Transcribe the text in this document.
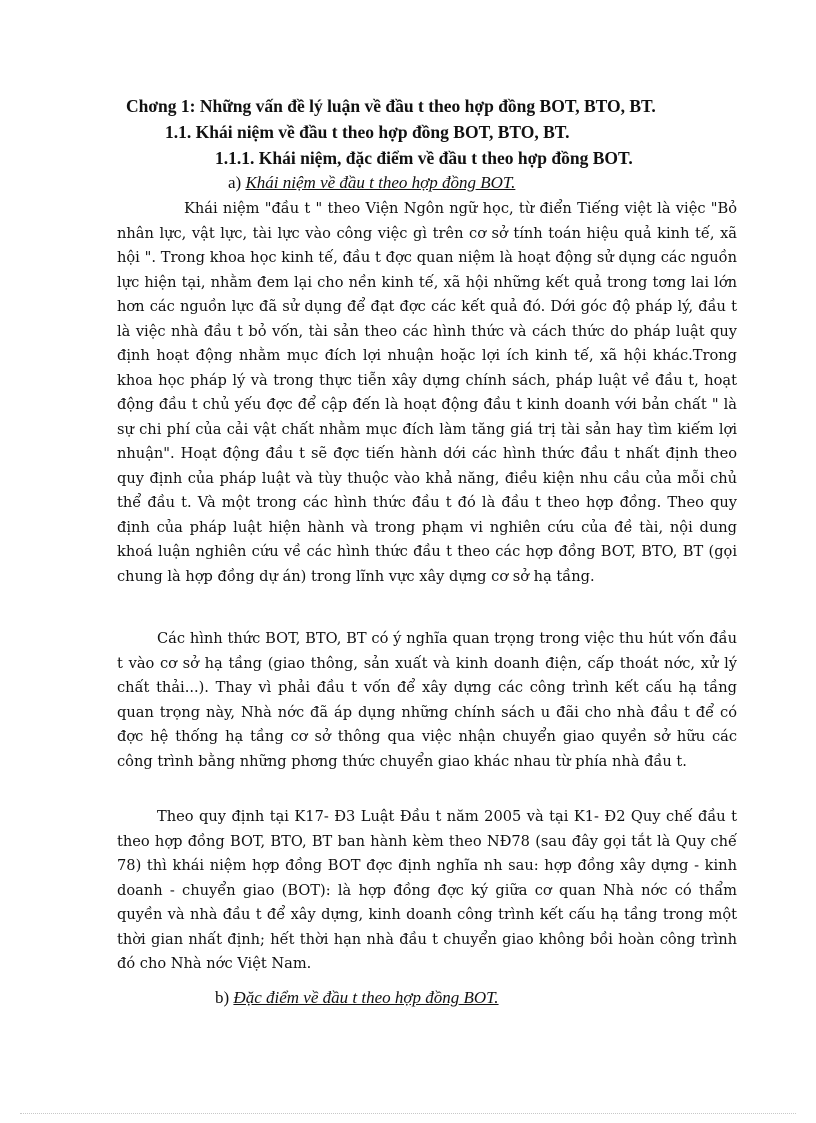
Chơng 1: Những vấn đề lý luận về đầu t theo hợp đồng BOT, BTO, BT.
1.1. Khái niệm về đầu t theo hợp đồng BOT, BTO, BT.
1.1.1. Khái niệm, đặc điểm về đầu t theo hợp đồng BOT.
a) Khái niệm về đầu t theo hợp đồng BOT.

Khái niệm "đầu t " theo Viện Ngôn ngữ học, từ điển Tiếng việt là việc "Bỏ nhân lực, vật lực, tài lực vào công việc gì trên cơ sở tính toán hiệu quả kinh tế, xã hội ". Trong khoa học kinh tế, đầu t đợc quan niệm là hoạt động sử dụng các nguồn lực hiện tại, nhằm đem lại cho nền kinh tế, xã hội những kết quả trong tơng lai lớn hơn các nguồn lực đã sử dụng để đạt đợc các kết quả đó. Dới góc độ pháp lý, đầu t là việc nhà đầu t bỏ vốn, tài sản theo các hình thức và cách thức do pháp luật quy định hoạt động nhằm mục đích lợi nhuận hoặc lợi ích kinh tế, xã hội khác.Trong khoa học pháp lý và trong thực tiễn xây dựng chính sách, pháp luật về đầu t, hoạt động đầu t chủ yếu đợc để cập đến là hoạt động đầu t kinh doanh với bản chất " là sự chi phí của cải vật chất nhằm mục đích làm tăng giá trị tài sản hay tìm kiếm lợi nhuận". Hoạt động đầu t sẽ đợc tiến hành dới các hình thức đầu t nhất định theo quy định của pháp luật và tùy thuộc vào khả năng, điều kiện nhu cầu của mỗi chủ thể đầu t. Và một trong các hình thức đầu t đó là đầu t theo hợp đồng. Theo quy định của pháp luật hiện hành và trong phạm vi nghiên cứu của đề tài, nội dung khoá luận nghiên cứu về các hình thức đầu t theo các hợp đồng BOT, BTO, BT (gọi chung là hợp đồng dự án) trong lĩnh vực xây dựng cơ sở hạ tầng.

Các hình thức BOT, BTO, BT có ý nghĩa quan trọng trong việc thu hút vốn đầu t vào cơ sở hạ tầng (giao thông, sản xuất và kinh doanh điện, cấp thoát nớc, xử lý chất thải...). Thay vì phải đầu t vốn để xây dựng các công trình kết cấu hạ tầng quan trọng này, Nhà nớc đã áp dụng những chính sách u đãi cho nhà đầu t để có đợc hệ thống hạ tầng cơ sở thông qua việc nhận chuyển giao quyền sở hữu các công trình bằng những phơng thức chuyển giao khác nhau từ phía nhà đầu t.

Theo quy định tại K17- Đ3 Luật Đầu t năm 2005 và tại K1- Đ2 Quy chế đầu t theo hợp đồng BOT, BTO, BT ban hành kèm theo NĐ78 (sau đây gọi tắt là Quy chế 78) thì khái niệm hợp đồng BOT đợc định nghĩa nh sau: hợp đồng xây dựng - kinh doanh - chuyển giao (BOT): là hợp đồng đợc ký giữa cơ quan Nhà nớc có thẩm quyền và nhà đầu t để xây dựng, kinh doanh công trình kết cấu hạ tầng trong một thời gian nhất định; hết thời hạn nhà đầu t chuyển giao không bồi hoàn công trình đó cho Nhà nớc Việt Nam.

b) Đặc điểm về đầu t theo hợp đồng BOT.
